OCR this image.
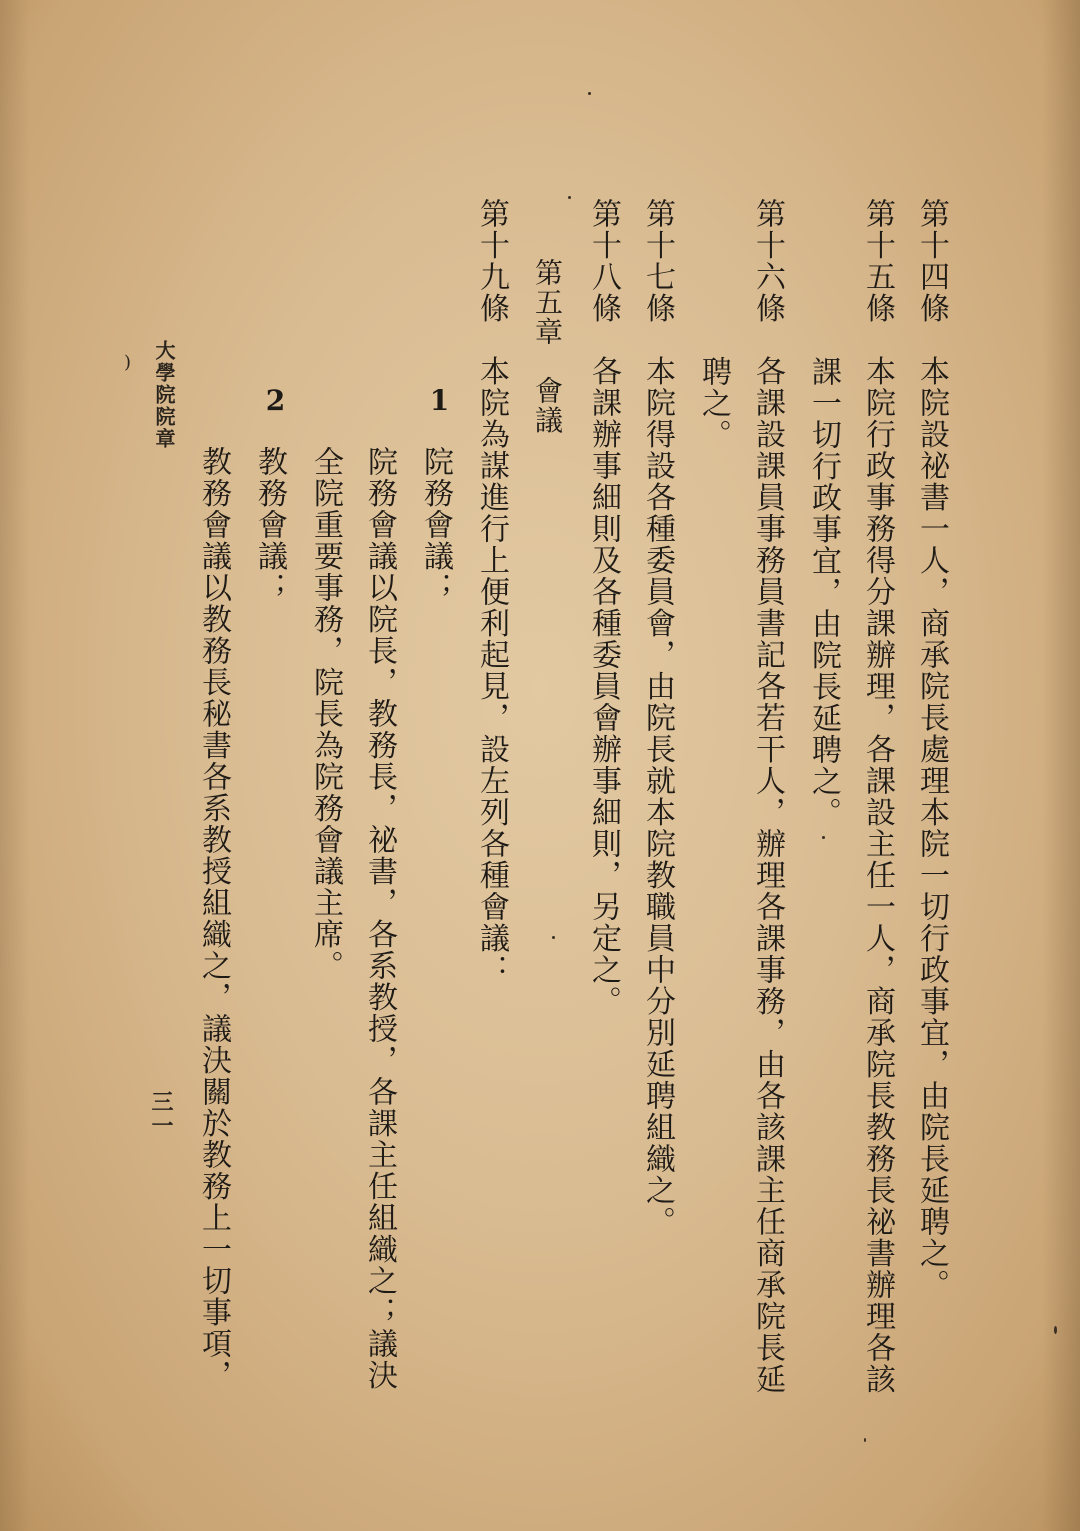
第十四條　本院設祕書一人，商承院長處理本院一切行政事宜，由院長延聘之。
第十五條　本院行政事務得分課辦理，各課設主任一人，商承院長教務長祕書辦理各該
課一切行政事宜，由院長延聘之。
第十六條　各課設課員事務員書記各若干人，辦理各課事務，由各該課主任商承院長延
聘之。
第十七條　本院得設各種委員會，由院長就本院教職員中分別延聘組織之。
第十八條　各課辦事細則及各種委員會辦事細則，另定之。
第五章　會議
第十九條　本院為謀進行上便利起見，設左列各種會議：
1
院務會議；
院務會議以院長，教務長，祕書，各系教授，各課主任組織之；議決
全院重要事務，院長為院務會議主席。
2
教務會議；
教務會議以教務長秘書各系教授組織之，議決關於教務上一切事項，
大學院院章
三一
)
